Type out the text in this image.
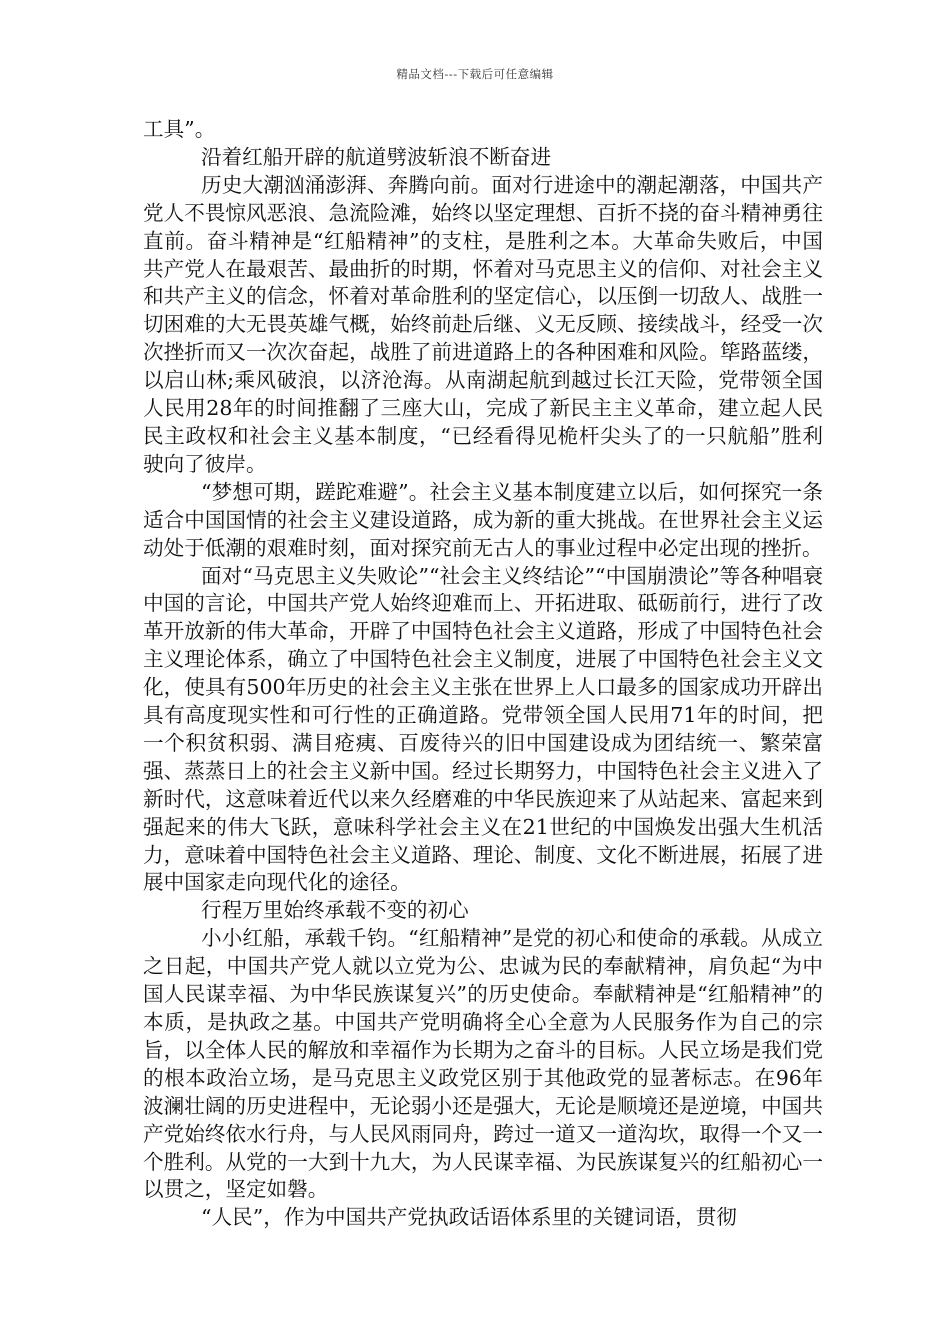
精品文档---下载后可任意编辑

工具”。

沿着红船开辟的航道劈波斩浪不断奋进

历史大潮汹涌澎湃、奔腾向前。面对行进途中的潮起潮落，中国共产党人不畏惊风恶浪、急流险滩，始终以坚定理想、百折不挠的奋斗精神勇往直前。奋斗精神是“红船精神”的支柱，是胜利之本。大革命失败后，中国共产党人在最艰苦、最曲折的时期，怀着对马克思主义的信仰、对社会主义和共产主义的信念，怀着对革命胜利的坚定信心，以压倒一切敌人、战胜一切困难的大无畏英雄气概，始终前赴后继、义无反顾、接续战斗，经受一次次挫折而又一次次奋起，战胜了前进道路上的各种困难和风险。筚路蓝缕，以启山林;乘风破浪，以济沧海。从南湖起航到越过长江天险，党带领全国人民用28年的时间推翻了三座大山，完成了新民主主义革命，建立起人民民主政权和社会主义基本制度，“已经看得见桅杆尖头了的一只航船”胜利驶向了彼岸。

“梦想可期，蹉跎难避”。社会主义基本制度建立以后，如何探究一条适合中国国情的社会主义建设道路，成为新的重大挑战。在世界社会主义运动处于低潮的艰难时刻，面对探究前无古人的事业过程中必定出现的挫折。

面对“马克思主义失败论”“社会主义终结论”“中国崩溃论”等各种唱衰中国的言论，中国共产党人始终迎难而上、开拓进取、砥砺前行，进行了改革开放新的伟大革命，开辟了中国特色社会主义道路，形成了中国特色社会主义理论体系，确立了中国特色社会主义制度，进展了中国特色社会主义文化，使具有500年历史的社会主义主张在世界上人口最多的国家成功开辟出具有高度现实性和可行性的正确道路。党带领全国人民用71年的时间，把一个积贫积弱、满目疮痍、百废待兴的旧中国建设成为团结统一、繁荣富强、蒸蒸日上的社会主义新中国。经过长期努力，中国特色社会主义进入了新时代，这意味着近代以来久经磨难的中华民族迎来了从站起来、富起来到强起来的伟大飞跃，意味科学社会主义在21世纪的中国焕发出强大生机活力，意味着中国特色社会主义道路、理论、制度、文化不断进展，拓展了进展中国家走向现代化的途径。

行程万里始终承载不变的初心

小小红船，承载千钧。“红船精神”是党的初心和使命的承载。从成立之日起，中国共产党人就以立党为公、忠诚为民的奉献精神，肩负起“为中国人民谋幸福、为中华民族谋复兴”的历史使命。奉献精神是“红船精神”的本质，是执政之基。中国共产党明确将全心全意为人民服务作为自己的宗旨，以全体人民的解放和幸福作为长期为之奋斗的目标。人民立场是我们党的根本政治立场，是马克思主义政党区别于其他政党的显著标志。在96年波澜壮阔的历史进程中，无论弱小还是强大，无论是顺境还是逆境，中国共产党始终依水行舟，与人民风雨同舟，跨过一道又一道沟坎，取得一个又一个胜利。从党的一大到十九大，为人民谋幸福、为民族谋复兴的红船初心一以贯之，坚定如磐。

“人民”，作为中国共产党执政话语体系里的关键词语，贯彻
